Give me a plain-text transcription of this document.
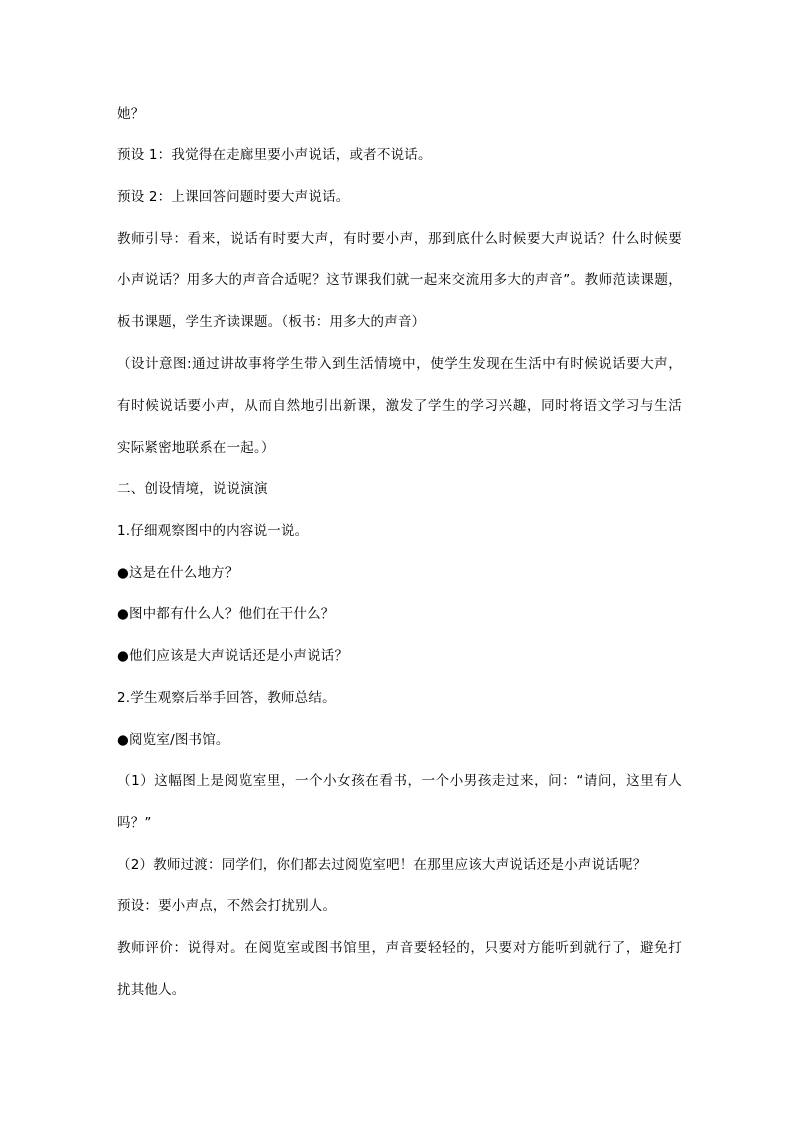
她？
预设 1：我觉得在走廊里要小声说话，或者不说话。
预设 2：上课回答问题时要大声说话。
教师引导：看来，说话有时要大声，有时要小声，那到底什么时候要大声说话？什么时候要
小声说话？用多大的声音合适呢？这节课我们就一起来交流用多大的声音”。教师范读课题，
板书课题，学生齐读课题。（板书：用多大的声音）
（设计意图:通过讲故事将学生带入到生活情境中，使学生发现在生活中有时候说话要大声，
有时候说话要小声，从而自然地引出新课，激发了学生的学习兴趣，同时将语文学习与生活
实际紧密地联系在一起。）
二、创设情境，说说演演
1.仔细观察图中的内容说一说。
●这是在什么地方？
●图中都有什么人？他们在干什么？
●他们应该是大声说话还是小声说话？
2.学生观察后举手回答，教师总结。
●阅览室/图书馆。
（1）这幅图上是阅览室里，一个小女孩在看书，一个小男孩走过来，问：“请问，这里有人
吗？”
（2）教师过渡：同学们，你们都去过阅览室吧！在那里应该大声说话还是小声说话呢？
预设：要小声点，不然会打扰别人。
教师评价：说得对。在阅览室或图书馆里，声音要轻轻的，只要对方能听到就行了，避免打
扰其他人。
